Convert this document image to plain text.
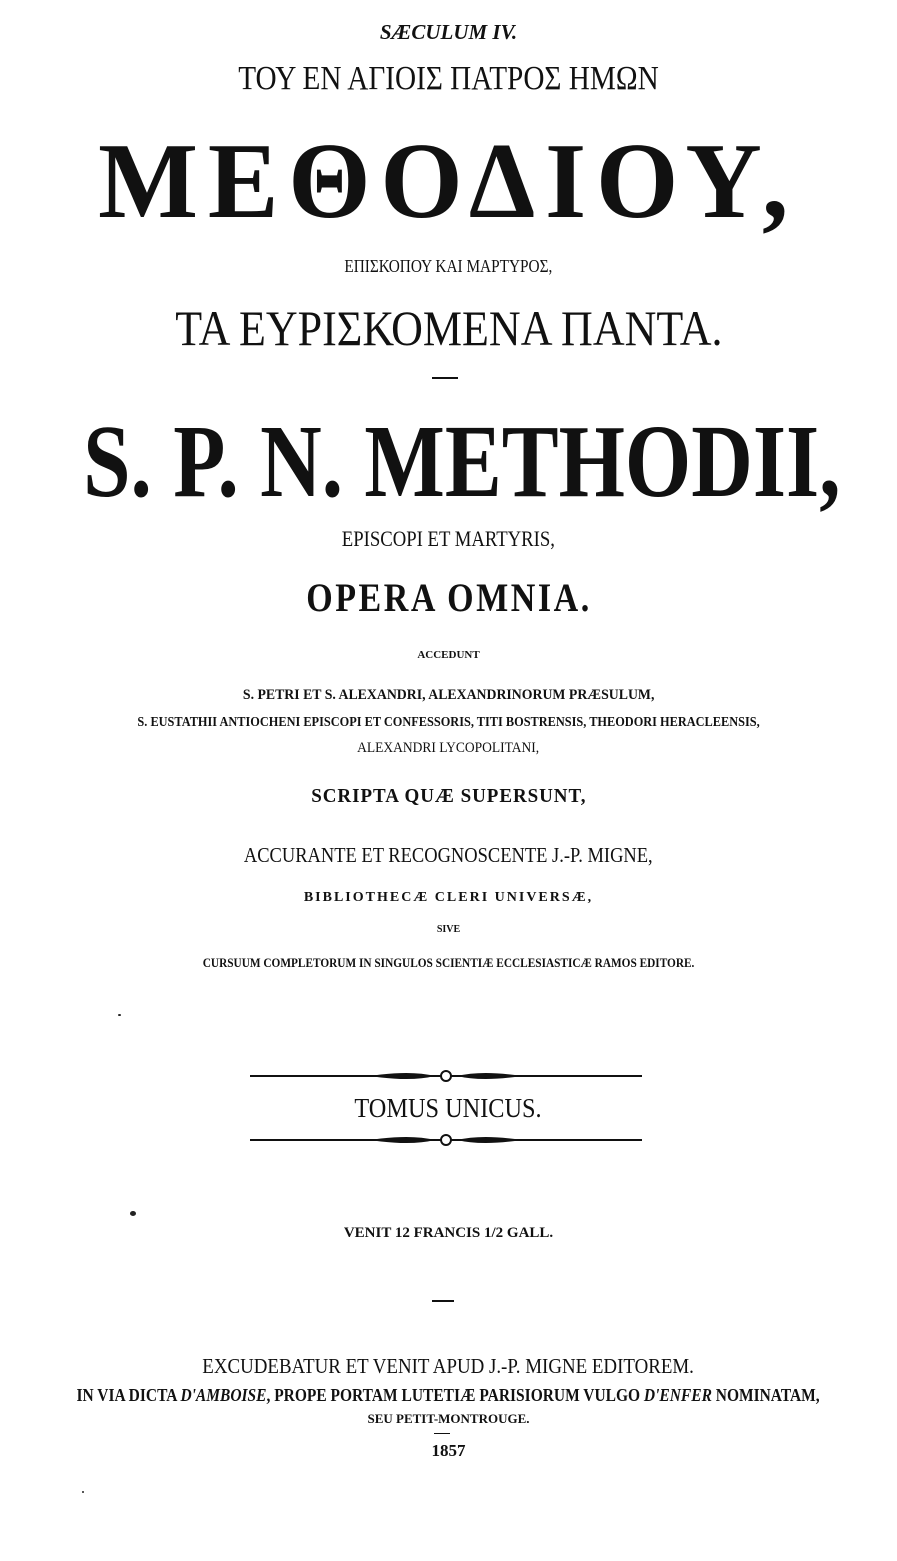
SÆCULUM IV.
ΤΟΥ ΕΝ ΑΓΙΟΙΣ ΠΑΤΡΟΣ ΗΜΩΝ
ΜΕΘΟΔΙΟΥ,
ΕΠΙΣΚΟΠΟΥ ΚΑΙ ΜΑΡΤΥΡΟΣ,
ΤΑ ΕΥΡΙΣΚΟΜΕΝΑ ΠΑΝΤΑ.
S. P. N. METHODII,
EPISCOPI ET MARTYRIS,
OPERA OMNIA.
ACCEDUNT
S. PETRI ET S. ALEXANDRI, ALEXANDRINORUM PRÆSULUM,
S. EUSTATHII ANTIOCHENI EPISCOPI ET CONFESSORIS, TITI BOSTRENSIS, THEODORI HERACLEENSIS,
ALEXANDRI LYCOPOLITANI,
SCRIPTA QUÆ SUPERSUNT,
ACCURANTE ET RECOGNOSCENTE J.-P. MIGNE,
BIBLIOTHECÆ CLERI UNIVERSÆ,
SIVE
CURSUUM COMPLETORUM IN SINGULOS SCIENTIÆ ECCLESIASTICÆ RAMOS EDITORE.
TOMUS UNICUS.
VENIT 12 FRANCIS 1/2 GALL.
EXCUDEBATUR ET VENIT APUD J.-P. MIGNE EDITOREM.
IN VIA DICTA D'AMBOISE, PROPE PORTAM LUTETIÆ PARISIORUM VULGO D'ENFER NOMINATAM,
SEU PETIT-MONTROUGE.
1857
